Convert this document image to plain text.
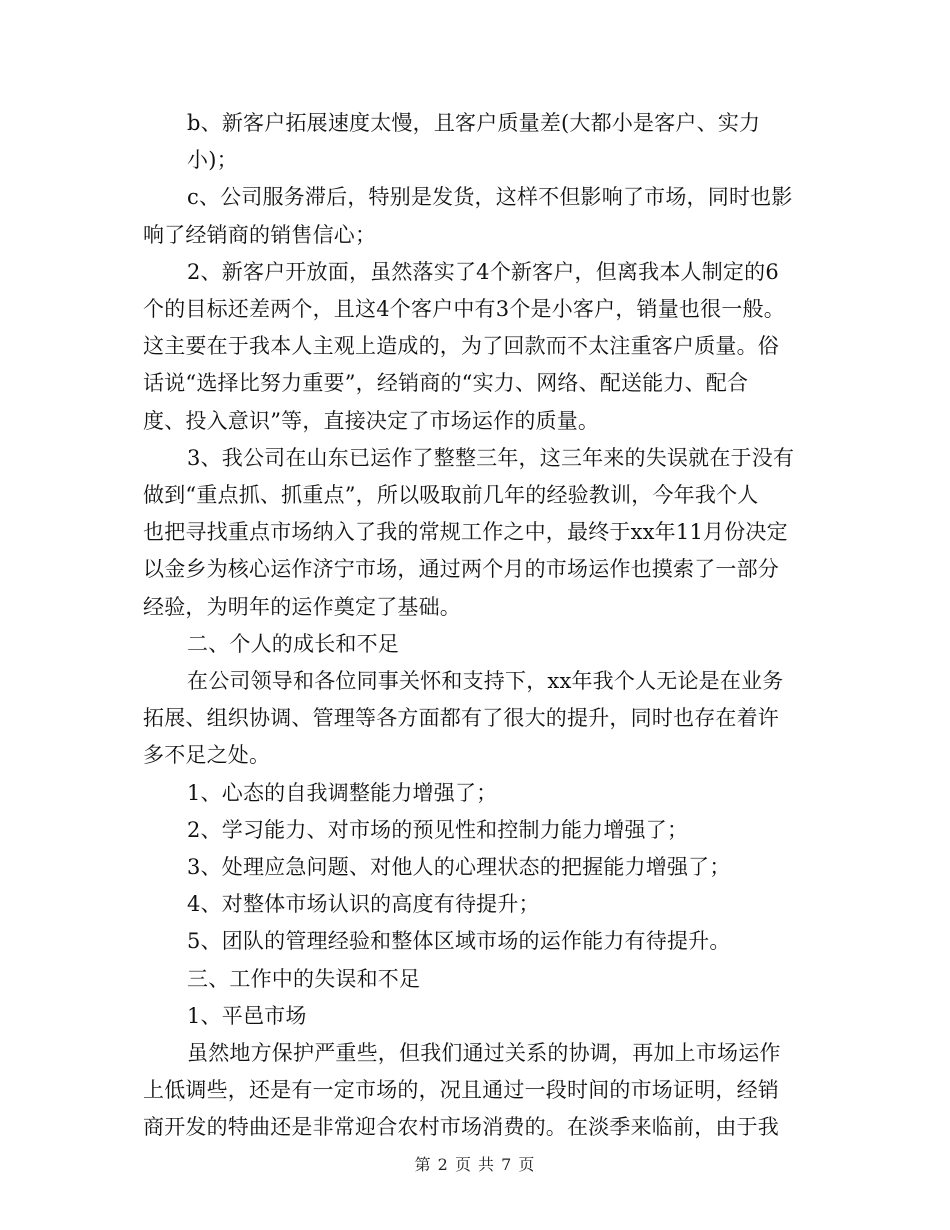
b、新客户拓展速度太慢，且客户质量差(大都小是客户、实力小)；

c、公司服务滞后，特别是发货，这样不但影响了市场，同时也影
响了经销商的销售信心；

2、新客户开放面，虽然落实了4个新客户，但离我本人制定的6
个的目标还差两个，且这4个客户中有3个是小客户，销量也很一般。
这主要在于我本人主观上造成的，为了回款而不太注重客户质量。俗
话说“选择比努力重要”，经销商的“实力、网络、配送能力、配合
度、投入意识”等，直接决定了市场运作的质量。

3、我公司在山东已运作了整整三年，这三年来的失误就在于没有
做到“重点抓、抓重点”，所以吸取前几年的经验教训，今年我个人
也把寻找重点市场纳入了我的常规工作之中，最终于xx年11月份决定
以金乡为核心运作济宁市场，通过两个月的市场运作也摸索了一部分
经验，为明年的运作奠定了基础。

二、个人的成长和不足

在公司领导和各位同事关怀和支持下，xx年我个人无论是在业务
拓展、组织协调、管理等各方面都有了很大的提升，同时也存在着许
多不足之处。

1、心态的自我调整能力增强了；

2、学习能力、对市场的预见性和控制力能力增强了；

3、处理应急问题、对他人的心理状态的把握能力增强了；

4、对整体市场认识的高度有待提升；

5、团队的管理经验和整体区域市场的运作能力有待提升。

三、工作中的失误和不足

1、平邑市场

虽然地方保护严重些，但我们通过关系的协调，再加上市场运作
上低调些，还是有一定市场的，况且通过一段时间的市场证明，经销
商开发的特曲还是非常迎合农村市场消费的。在淡季来临前，由于我

第 2 页 共 7 页
